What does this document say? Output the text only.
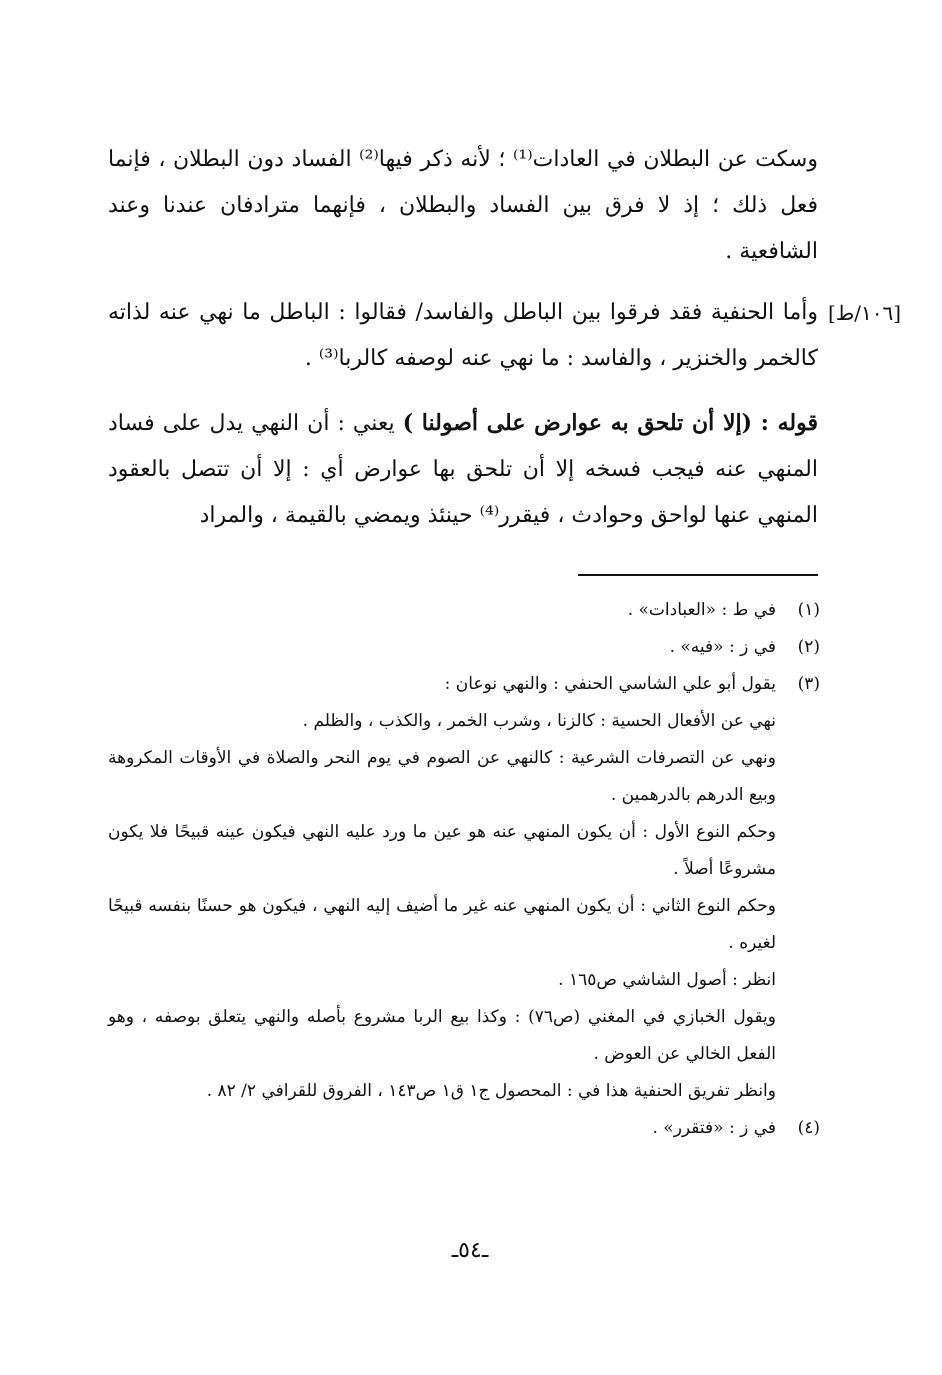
وسكت عن البطلان في العادات⁽¹⁾ ؛ لأنه ذكر فيها⁽²⁾ الفساد دون البطلان ، فإنما فعل ذلك ؛ إذ لا فرق بين الفساد والبطلان ، فإنهما مترادفان عندنا وعند الشافعية .
[١٠٦/ط]
وأما الحنفية فقد فرقوا بين الباطل والفاسد/ فقالوا : الباطل ما نهي عنه لذاته كالخمر والخنزير ، والفاسد : ما نهي عنه لوصفه كالربا⁽³⁾ .
قوله : (إلا أن تلحق به عوارض على أصولنا ) يعني : أن النهي يدل على فساد المنهي عنه فيجب فسخه إلا أن تلحق بها عوارض أي : إلا أن تتصل بالعقود المنهي عنها لواحق وحوادث ، فيقرر⁽⁴⁾ حينئذ ويمضي بالقيمة ، والمراد
(١)
في ط : «العبادات» .
(٢)
في ز : «فيه» .
(٣)
يقول أبو علي الشاسي الحنفي : والنهي نوعان :
نهي عن الأفعال الحسية : كالزنا ، وشرب الخمر ، والكذب ، والظلم .
ونهي عن التصرفات الشرعية : كالنهي عن الصوم في يوم النحر والصلاة في الأوقات المكروهة وبيع الدرهم بالدرهمين .
وحكم النوع الأول : أن يكون المنهي عنه هو عين ما ورد عليه النهي فيكون عينه قبيحًا فلا يكون مشروعًا أصلاً .
وحكم النوع الثاني : أن يكون المنهي عنه غير ما أضيف إليه النهي ، فيكون هو حسنًا بنفسه قبيحًا لغيره .
انظر : أصول الشاشي ص١٦٥ .
ويقول الخبازي في المغني (ص٧٦) : وكذا بيع الربا مشروع بأصله والنهي يتعلق بوصفه ، وهو الفعل الخالي عن العوض .
وانظر تفريق الحنفية هذا في : المحصول ج١ ق١ ص١٤٣ ، الفروق للقرافي ٢/ ٨٢ .
(٤)
في ز : «فتقرر» .
ـ٥٤ـ
